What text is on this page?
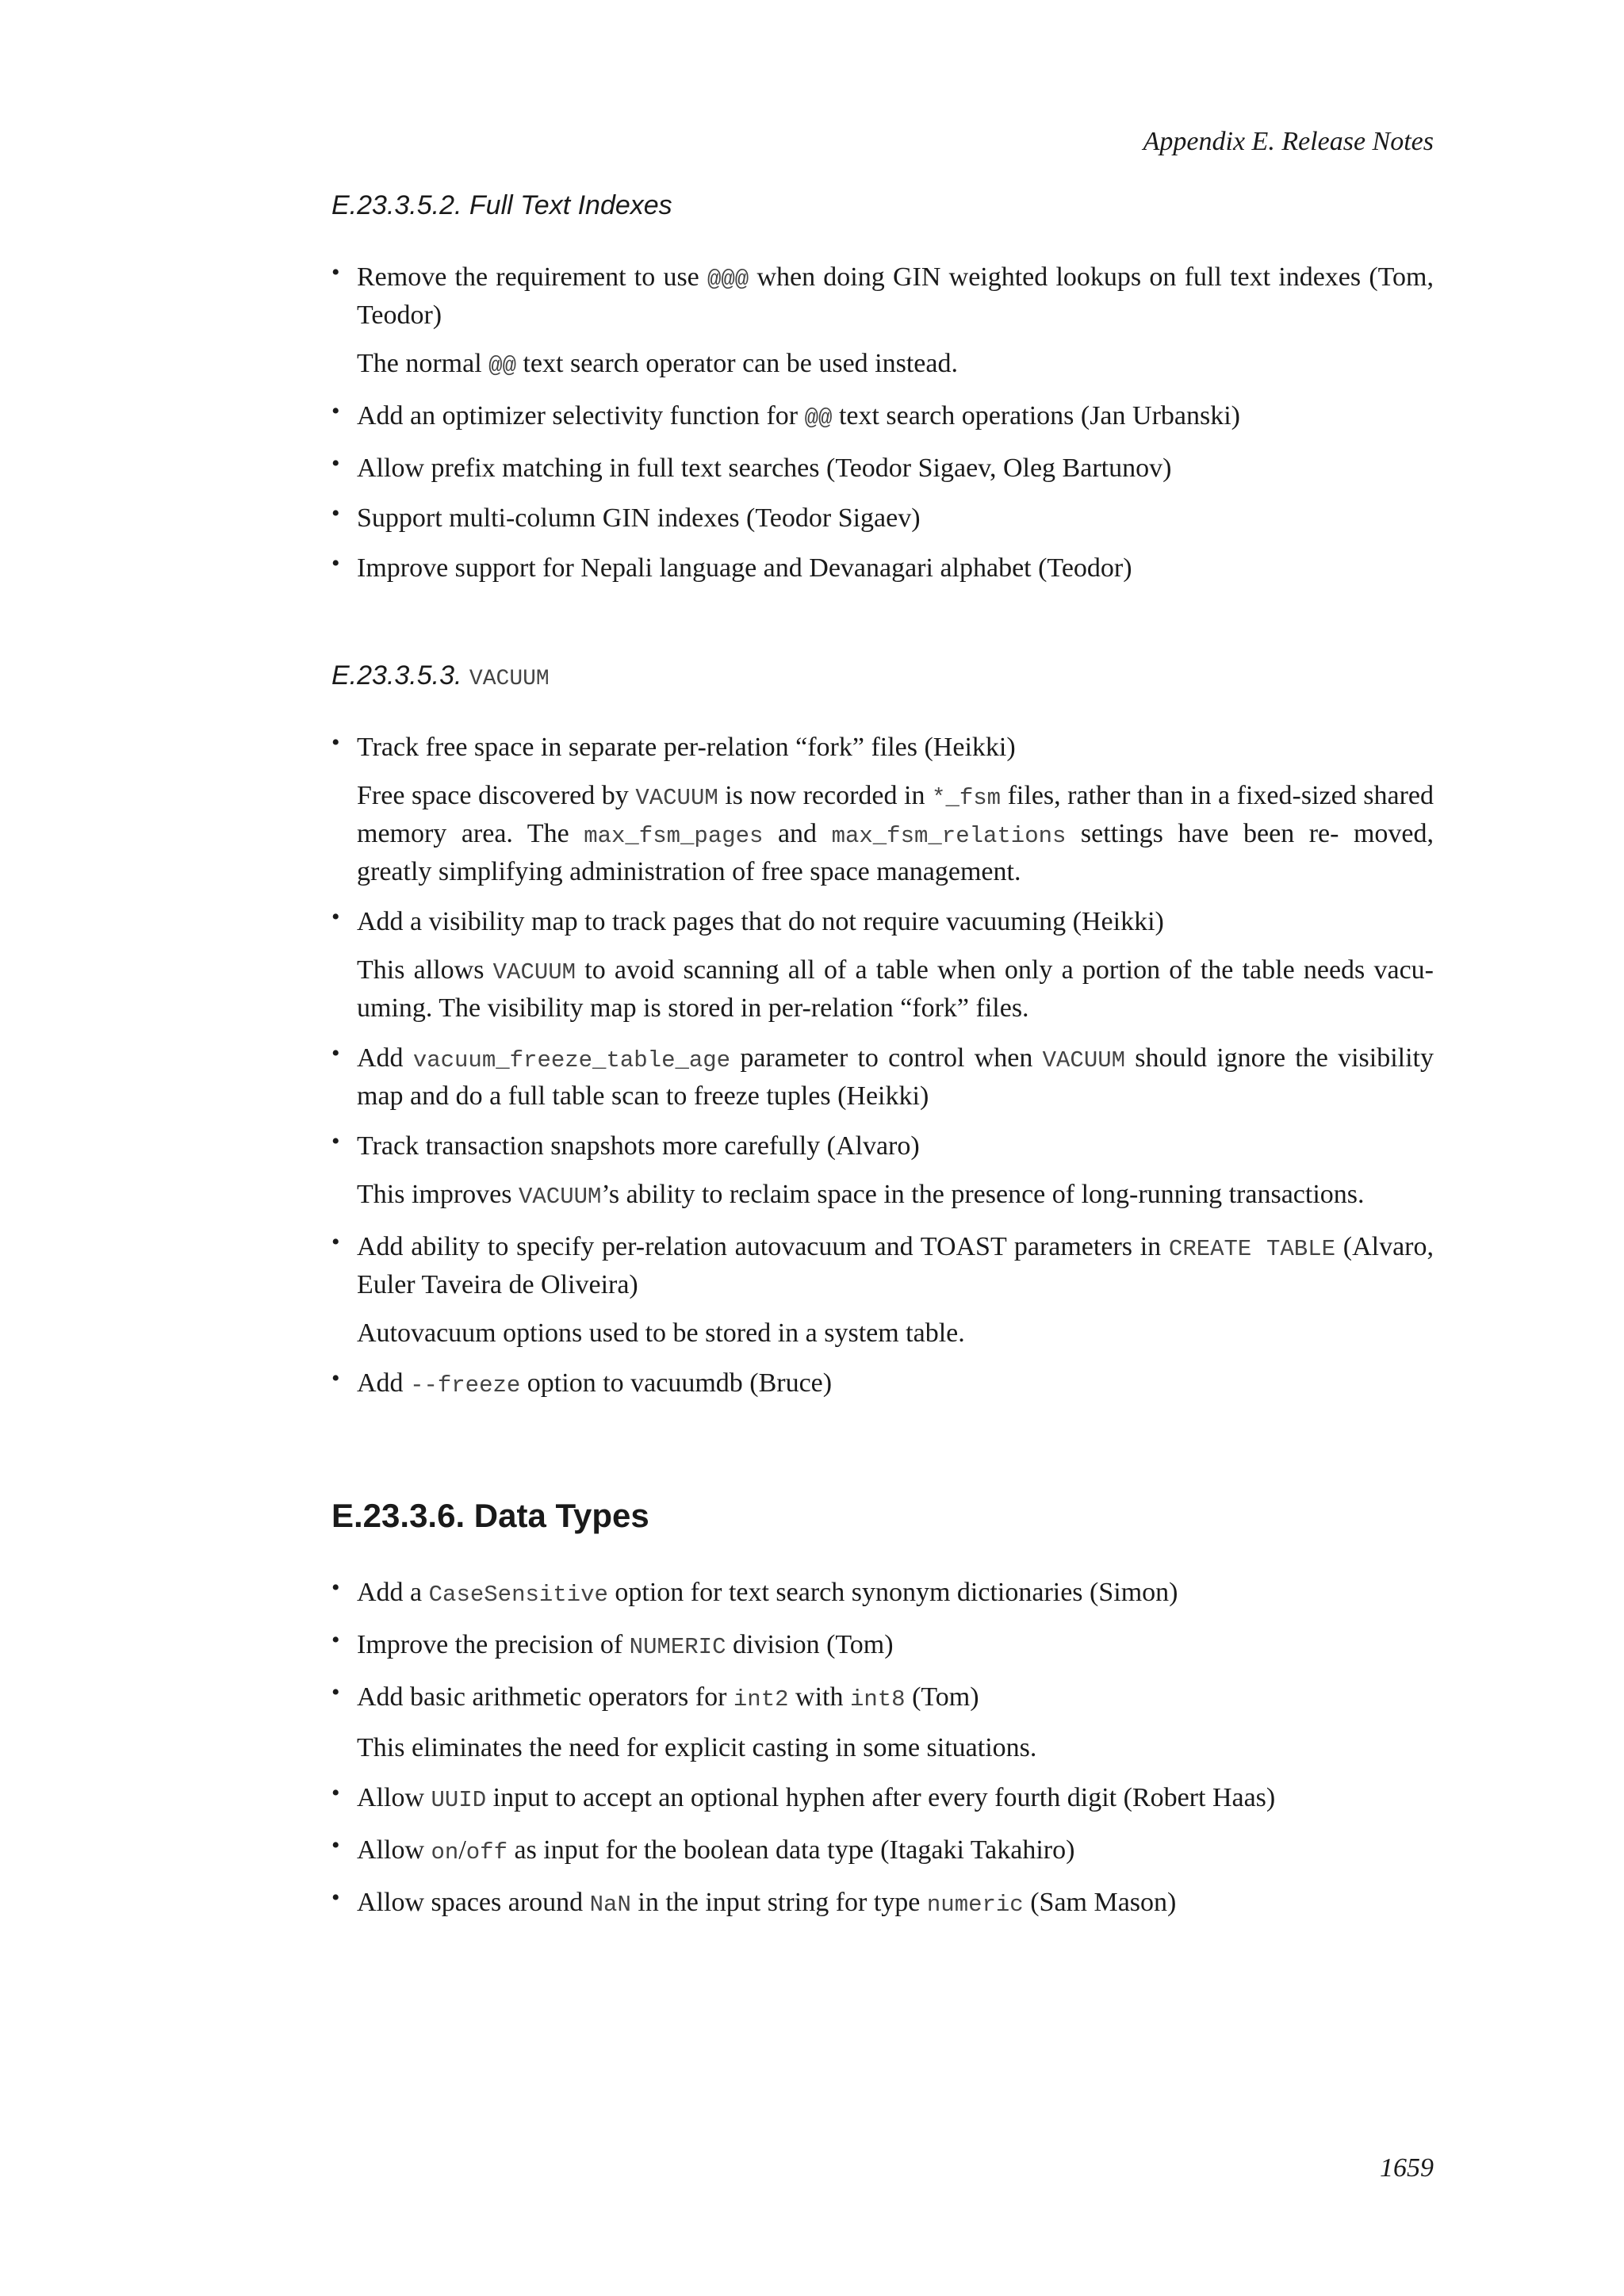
Appendix E. Release Notes
E.23.3.5.2. Full Text Indexes
• Remove the requirement to use @@@ when doing GIN weighted lookups on full text indexes (Tom, Teodor)

The normal @@ text search operator can be used instead.

• Add an optimizer selectivity function for @@ text search operations (Jan Urbanski)

• Allow prefix matching in full text searches (Teodor Sigaev, Oleg Bartunov)

• Support multi-column GIN indexes (Teodor Sigaev)

• Improve support for Nepali language and Devanagari alphabet (Teodor)

E.23.3.5.3. VACUUM
• Track free space in separate per-relation “fork” files (Heikki)

Free space discovered by VACUUM is now recorded in *_fsm files, rather than in a fixed-sized shared memory area. The max_fsm_pages and max_fsm_relations settings have been re- moved, greatly simplifying administration of free space management.

• Add a visibility map to track pages that do not require vacuuming (Heikki)

This allows VACUUM to avoid scanning all of a table when only a portion of the table needs vacu- uming. The visibility map is stored in per-relation “fork” files.

• Add vacuum_freeze_table_age parameter to control when VACUUM should ignore the visibility map and do a full table scan to freeze tuples (Heikki)

• Track transaction snapshots more carefully (Alvaro)

This improves VACUUM’s ability to reclaim space in the presence of long-running transactions.

• Add ability to specify per-relation autovacuum and TOAST parameters in CREATE TABLE (Alvaro, Euler Taveira de Oliveira)

Autovacuum options used to be stored in a system table.

• Add --freeze option to vacuumdb (Bruce)

E.23.3.6. Data Types
• Add a CaseSensitive option for text search synonym dictionaries (Simon)

• Improve the precision of NUMERIC division (Tom)

• Add basic arithmetic operators for int2 with int8 (Tom)

This eliminates the need for explicit casting in some situations.

• Allow UUID input to accept an optional hyphen after every fourth digit (Robert Haas)

• Allow on/off as input for the boolean data type (Itagaki Takahiro)

• Allow spaces around NaN in the input string for type numeric (Sam Mason)

1659
